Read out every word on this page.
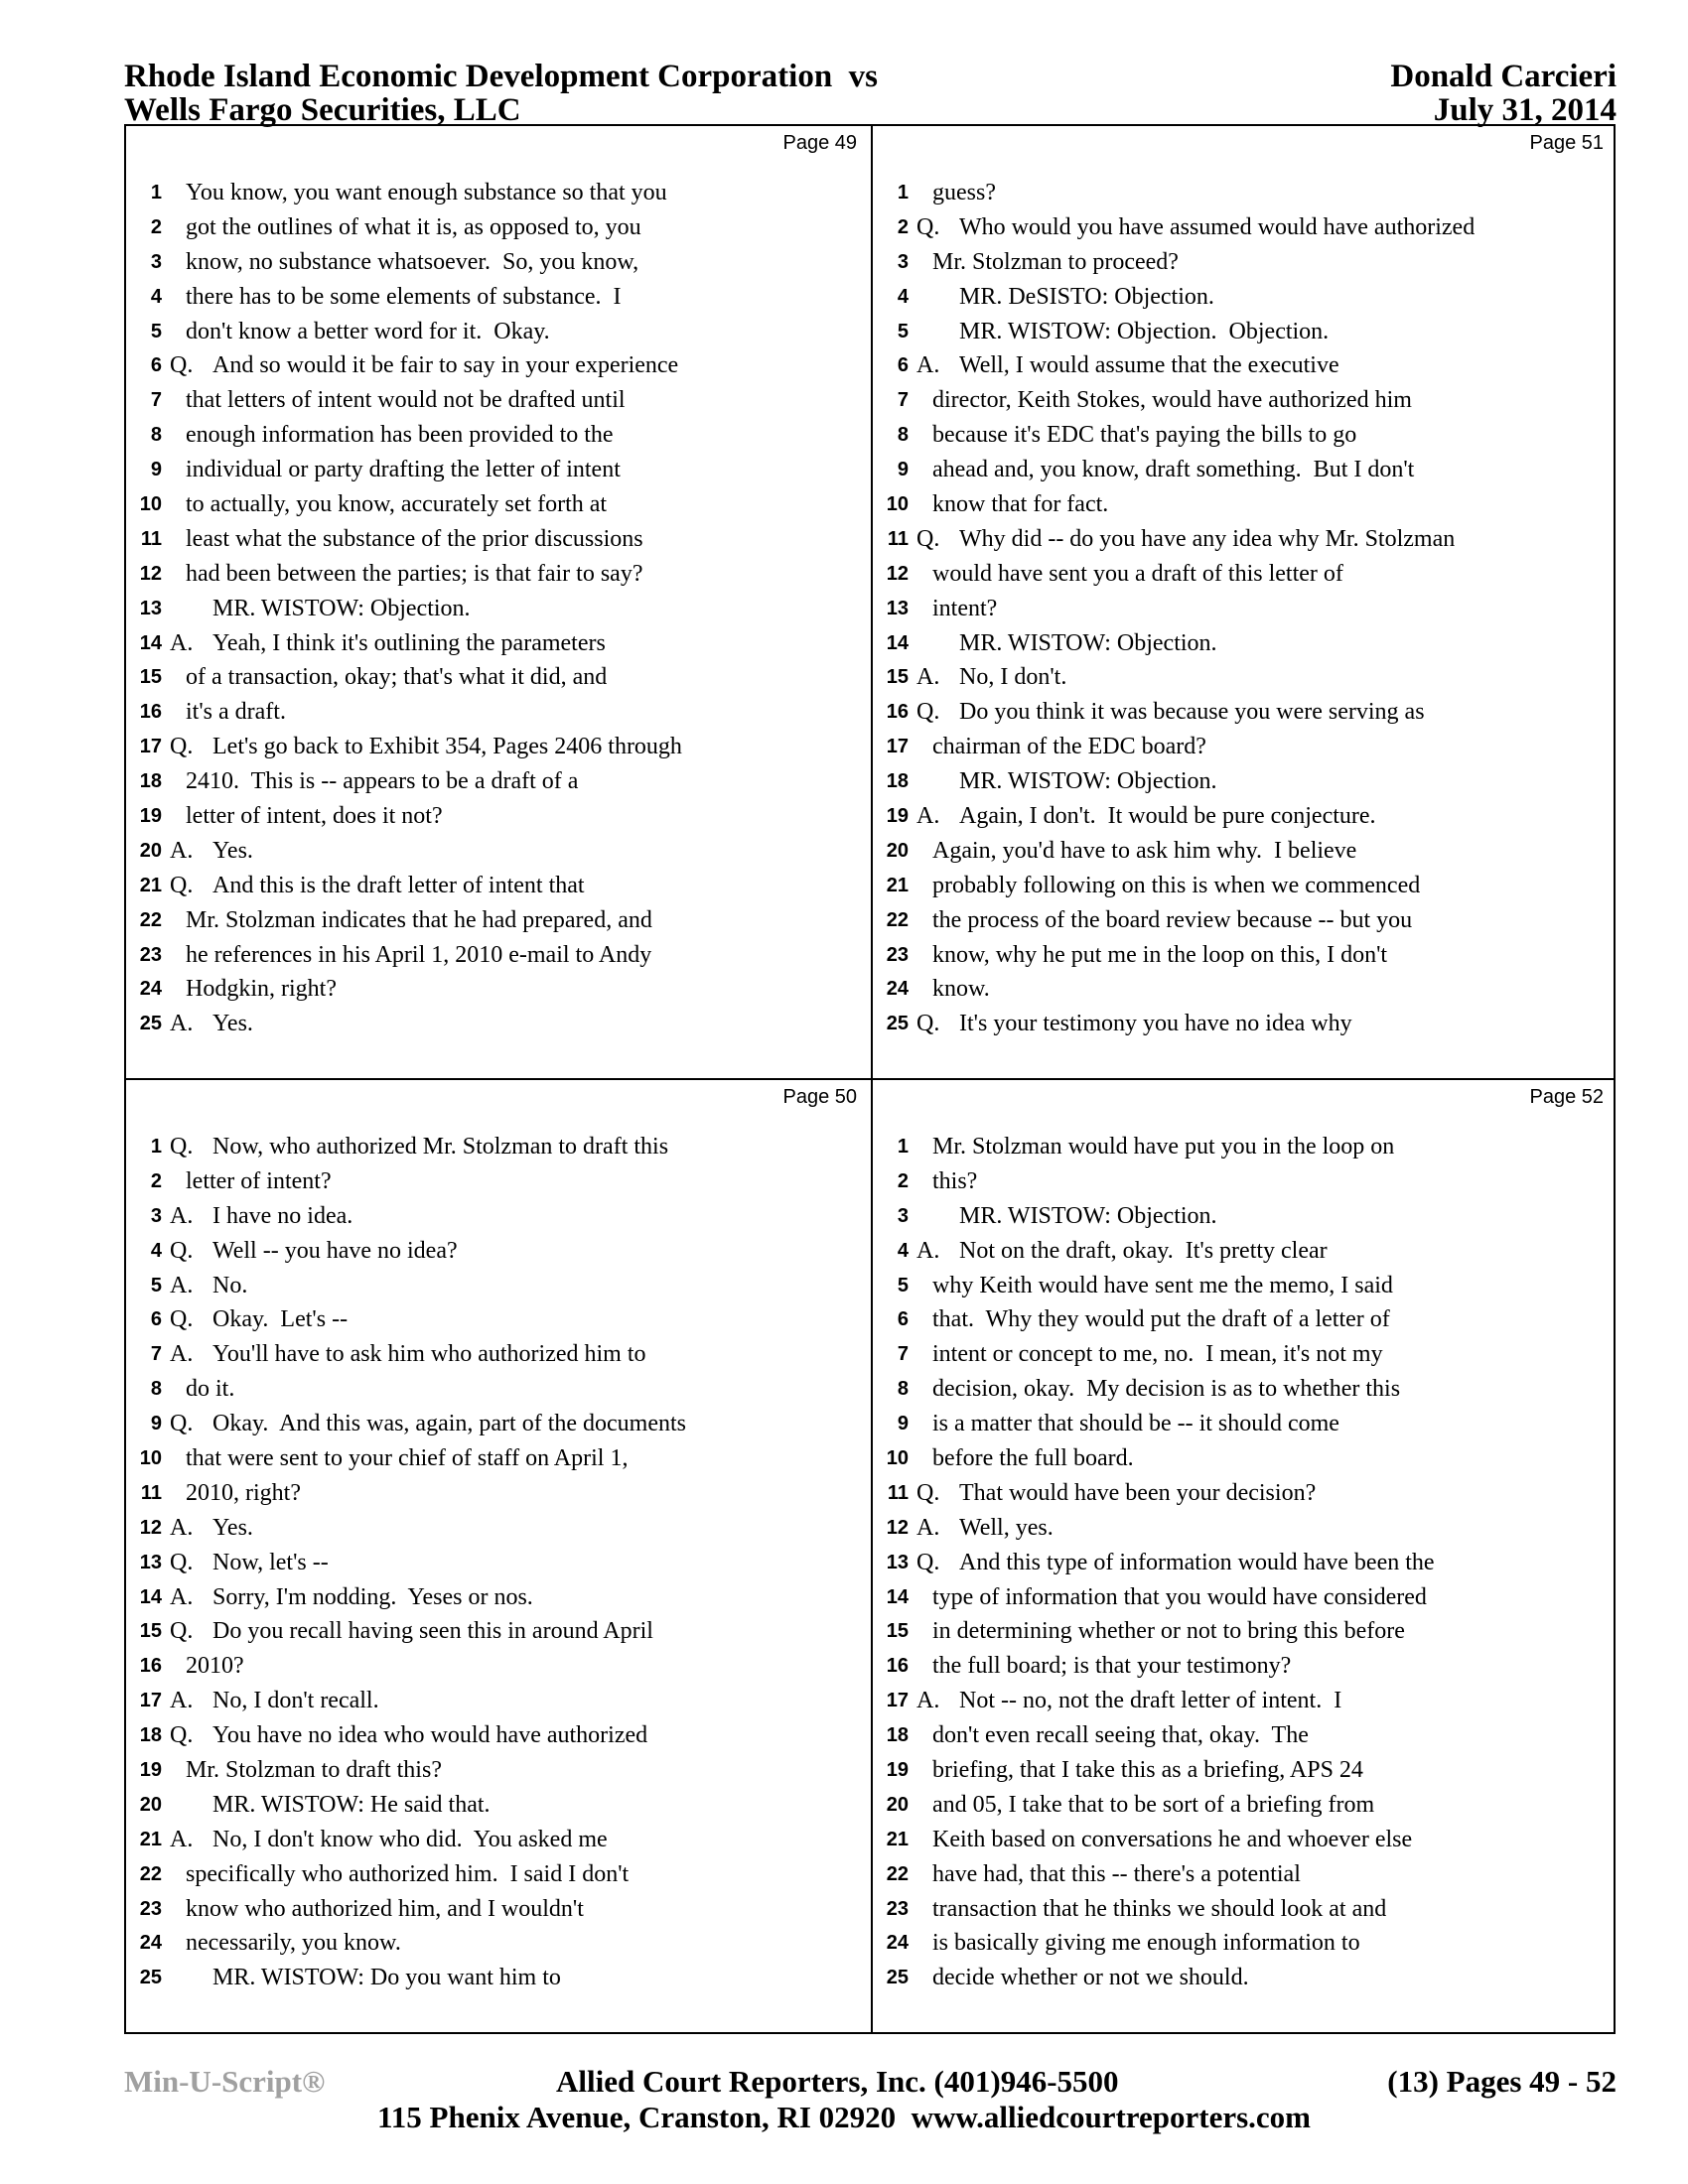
Rhode Island Economic Development Corporation  vs
Wells Fargo Securities, LLC
Donald Carcieri
July 31, 2014
Page 49
1 You know, you want enough substance so that you
2 got the outlines of what it is, as opposed to, you
3 know, no substance whatsoever.  So, you know,
4 there has to be some elements of substance.  I
5 don't know a better word for it.  Okay.
6 Q. And so would it be fair to say in your experience
7 that letters of intent would not be drafted until
8 enough information has been provided to the
9 individual or party drafting the letter of intent
10 to actually, you know, accurately set forth at
11 least what the substance of the prior discussions
12 had been between the parties; is that fair to say?
13 MR. WISTOW: Objection.
14 A. Yeah, I think it's outlining the parameters
15 of a transaction, okay; that's what it did, and
16 it's a draft.
17 Q. Let's go back to Exhibit 354, Pages 2406 through
18 2410.  This is -- appears to be a draft of a
19 letter of intent, does it not?
20 A. Yes.
21 Q. And this is the draft letter of intent that
22 Mr. Stolzman indicates that he had prepared, and
23 he references in his April 1, 2010 e-mail to Andy
24 Hodgkin, right?
25 A. Yes.
Page 51
1 guess?
2 Q. Who would you have assumed would have authorized
3 Mr. Stolzman to proceed?
4 MR. DeSISTO: Objection.
5 MR. WISTOW: Objection.  Objection.
6 A. Well, I would assume that the executive
7 director, Keith Stokes, would have authorized him
8 because it's EDC that's paying the bills to go
9 ahead and, you know, draft something.  But I don't
10 know that for fact.
11 Q. Why did -- do you have any idea why Mr. Stolzman
12 would have sent you a draft of this letter of
13 intent?
14 MR. WISTOW: Objection.
15 A. No, I don't.
16 Q. Do you think it was because you were serving as
17 chairman of the EDC board?
18 MR. WISTOW: Objection.
19 A. Again, I don't.  It would be pure conjecture.
20 Again, you'd have to ask him why.  I believe
21 probably following on this is when we commenced
22 the process of the board review because -- but you
23 know, why he put me in the loop on this, I don't
24 know.
25 Q. It's your testimony you have no idea why
Page 50
1 Q. Now, who authorized Mr. Stolzman to draft this
2 letter of intent?
3 A. I have no idea.
4 Q. Well -- you have no idea?
5 A. No.
6 Q. Okay.  Let's --
7 A. You'll have to ask him who authorized him to
8 do it.
9 Q. Okay.  And this was, again, part of the documents
10 that were sent to your chief of staff on April 1,
11 2010, right?
12 A. Yes.
13 Q. Now, let's --
14 A. Sorry, I'm nodding.  Yeses or nos.
15 Q. Do you recall having seen this in around April
16 2010?
17 A. No, I don't recall.
18 Q. You have no idea who would have authorized
19 Mr. Stolzman to draft this?
20 MR. WISTOW: He said that.
21 A. No, I don't know who did.  You asked me
22 specifically who authorized him.  I said I don't
23 know who authorized him, and I wouldn't
24 necessarily, you know.
25 MR. WISTOW: Do you want him to
Page 52
1 Mr. Stolzman would have put you in the loop on
2 this?
3 MR. WISTOW: Objection.
4 A. Not on the draft, okay.  It's pretty clear
5 why Keith would have sent me the memo, I said
6 that.  Why they would put the draft of a letter of
7 intent or concept to me, no.  I mean, it's not my
8 decision, okay.  My decision is as to whether this
9 is a matter that should be -- it should come
10 before the full board.
11 Q. That would have been your decision?
12 A. Well, yes.
13 Q. And this type of information would have been the
14 type of information that you would have considered
15 in determining whether or not to bring this before
16 the full board; is that your testimony?
17 A. Not -- no, not the draft letter of intent.  I
18 don't even recall seeing that, okay.  The
19 briefing, that I take this as a briefing, APS 24
20 and 05, I take that to be sort of a briefing from
21 Keith based on conversations he and whoever else
22 have had, that this -- there's a potential
23 transaction that he thinks we should look at and
24 is basically giving me enough information to
25 decide whether or not we should.
Min-U-Script®	Allied Court Reporters, Inc. (401)946-5500	(13) Pages 49 - 52
115 Phenix Avenue, Cranston, RI 02920  www.alliedcourtreporters.com
